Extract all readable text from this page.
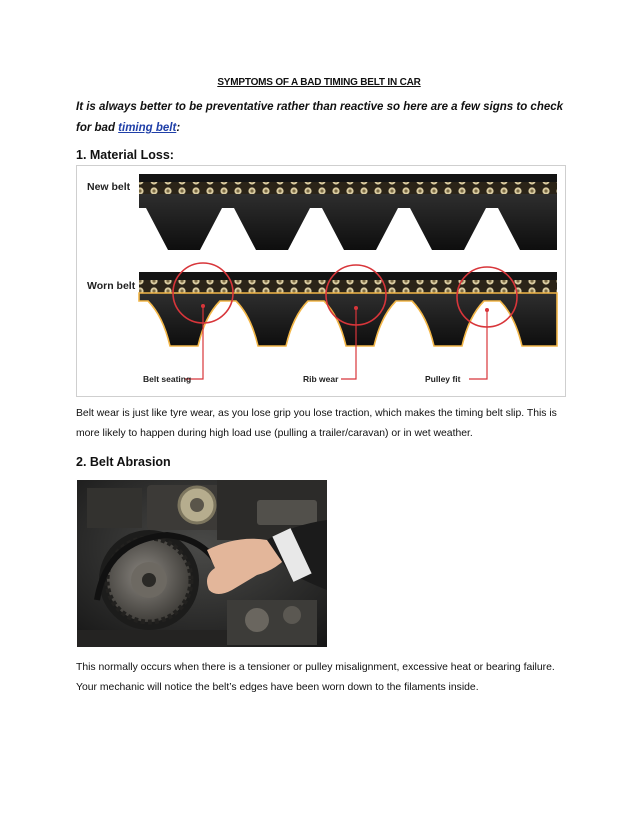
SYMPTOMS OF A BAD TIMING BELT IN CAR
It is always better to be preventative rather than reactive so here are a few signs to check for bad timing belt:
1. Material Loss:
New belt
Worn belt
Belt seating	Rib wear	Pulley fit
Belt wear is just like tyre wear, as you lose grip you lose traction, which makes the timing belt slip. This is more likely to happen during high load use (pulling a trailer/caravan) or in wet weather.
2. Belt Abrasion
This normally occurs when there is a tensioner or pulley misalignment, excessive heat or bearing failure. Your mechanic will notice the belt’s edges have been worn down to the filaments inside.
